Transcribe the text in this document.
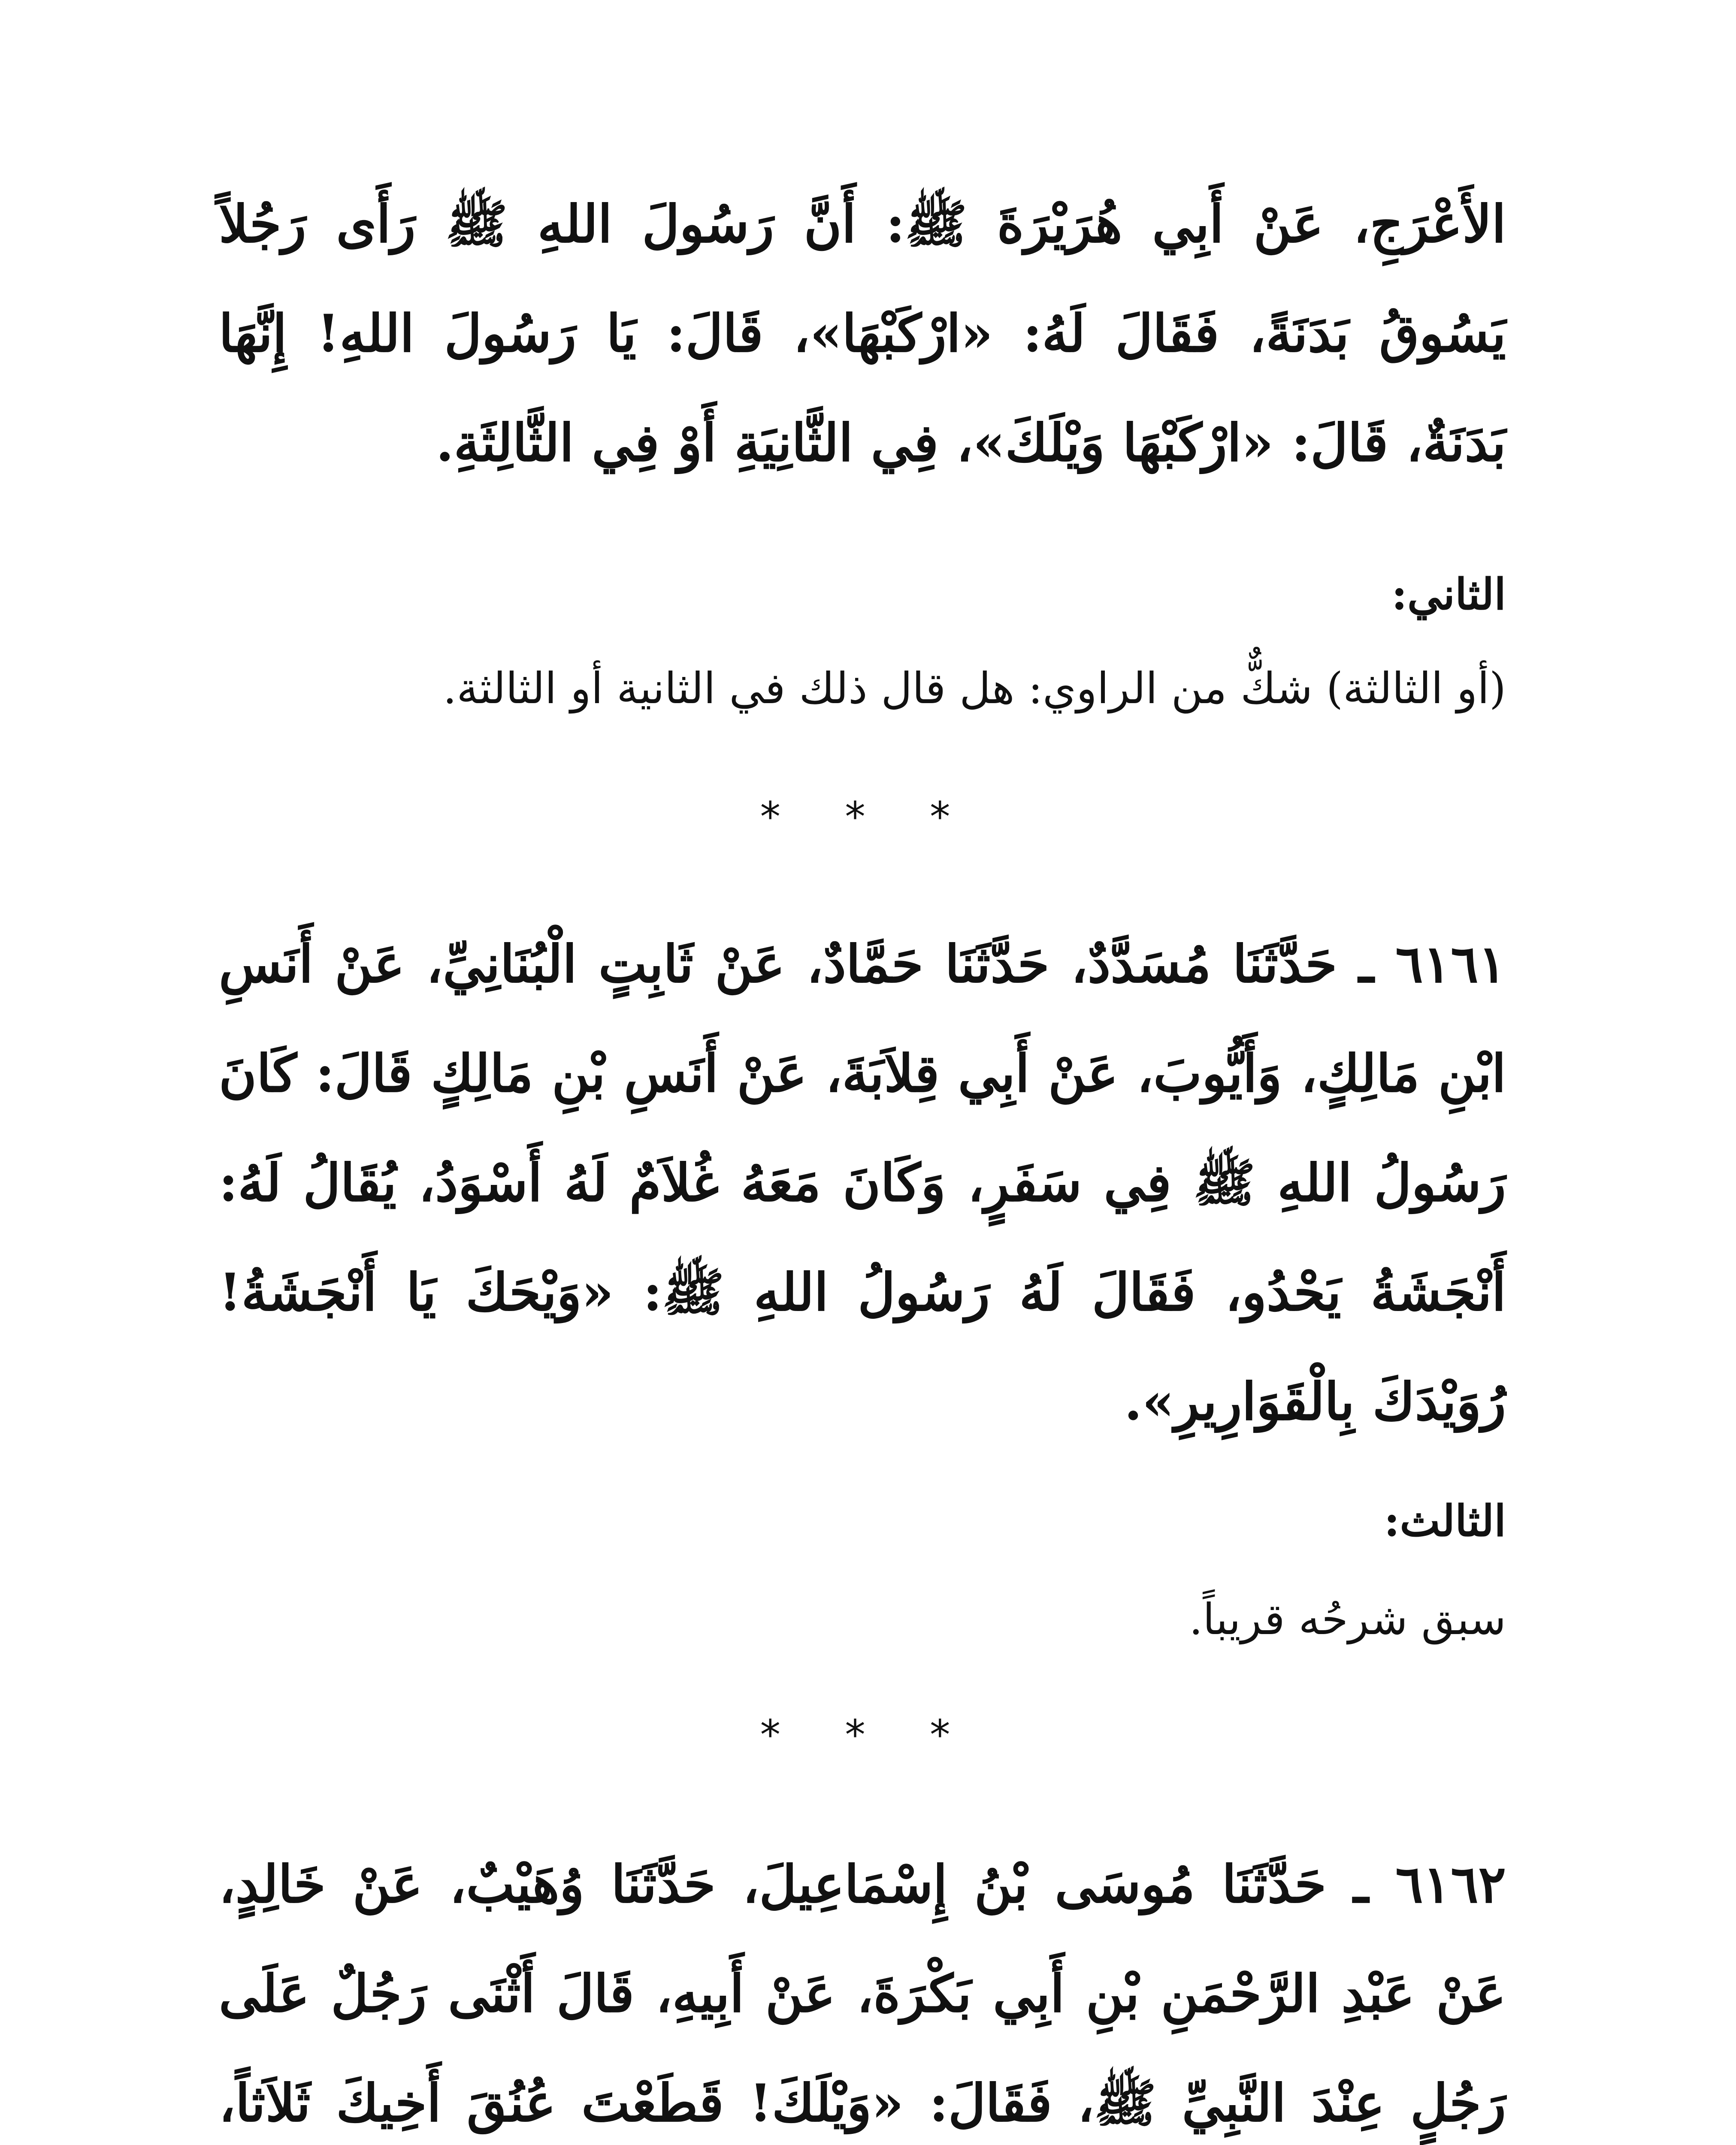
الأَعْرَجِ، عَنْ أَبِي هُرَيْرَةَ ﷺ: أَنَّ رَسُولَ اللهِ ﷺ رَأَى رَجُلاً يَسُوقُ بَدَنَةً، فَقَالَ لَهُ: «ارْكَبْهَا»، قَالَ: يَا رَسُولَ اللهِ! إِنَّهَا بَدَنَةٌ، قَالَ: «ارْكَبْهَا وَيْلَكَ»، فِي الثَّانِيَةِ أَوْ فِي الثَّالِثَةِ.

الثاني:

(أو الثالثة) شكٌّ من الراوي: هل قال ذلك في الثانية أو الثالثة.

* * *

٦١٦١ ـ حَدَّثَنَا مُسَدَّدٌ، حَدَّثَنَا حَمَّادٌ، عَنْ ثَابِتٍ الْبُنَانِيِّ، عَنْ أَنَسِ ابْنِ مَالِكٍ، وَأَيُّوبَ، عَنْ أَبِي قِلاَبَةَ، عَنْ أَنَسِ بْنِ مَالِكٍ قَالَ: كَانَ رَسُولُ اللهِ ﷺ فِي سَفَرٍ، وَكَانَ مَعَهُ غُلاَمٌ لَهُ أَسْوَدُ، يُقَالُ لَهُ: أَنْجَشَةُ يَحْدُو، فَقَالَ لَهُ رَسُولُ اللهِ ﷺ: «وَيْحَكَ يَا أَنْجَشَةُ! رُوَيْدَكَ بِالْقَوَارِيرِ».

الثالث:

سبق شرحُه قريباً.

* * *

٦١٦٢ ـ حَدَّثَنَا مُوسَى بْنُ إِسْمَاعِيلَ، حَدَّثَنَا وُهَيْبٌ، عَنْ خَالِدٍ، عَنْ عَبْدِ الرَّحْمَنِ بْنِ أَبِي بَكْرَةَ، عَنْ أَبِيهِ، قَالَ أَثْنَى رَجُلٌ عَلَى رَجُلٍ عِنْدَ النَّبِيِّ ﷺ، فَقَالَ: «وَيْلَكَ! قَطَعْتَ عُنُقَ أَخِيكَ ثَلاَثاً،
